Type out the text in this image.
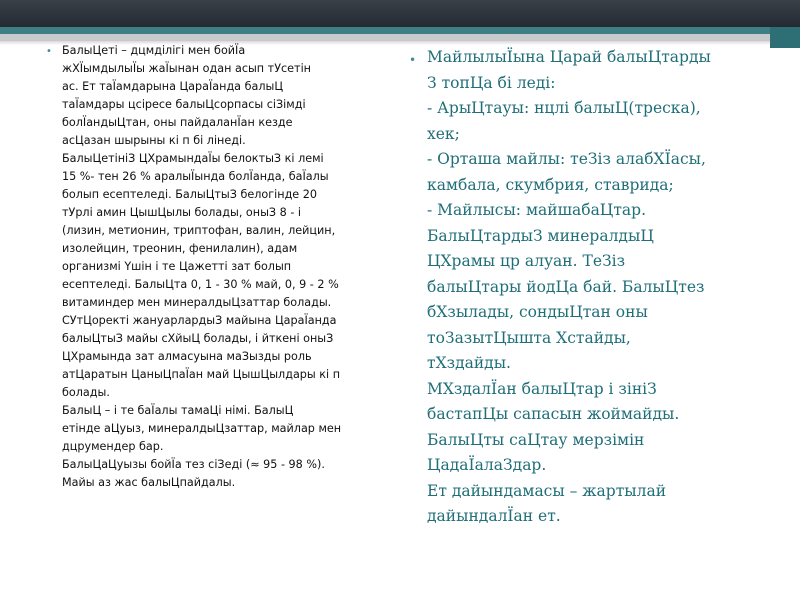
• БалыЦеті – дцмділігі мен бойЇа
жХЇымдылыЇы жаЇынан одан асып тУсетін
ас. Ет таЇамдарына ЦараЇанда балыЦ
таЇамдары цсіресе балыЦсорпасы сіЗімді
болЇандыЦтан, оны пайдаланЇан кезде
асЦазан шырыны кі п бі лінеді.
БалыЦетініЗ ЦХрамындаЇы белоктыЗ кі лемі
15 %- тен 26 % аралыЇында болЇанда, баЇалы
болып есептеледі. БалыЦтыЗ белогінде 20
тУрлі амин ЦышЦылы болады, оныЗ 8 - і
(лизин, метионин, триптофан, валин, лейцин,
изолейцин, треонин, фенилалин), адам
организмі Үшін і те Цажетті зат болып
есептеледі. БалыЦта 0, 1 - 30 % май, 0, 9 - 2 %
витаминдер мен минералдыЦзаттар болады.
СУтЦоректі жануарлардыЗ майына ЦараЇанда
балыЦтыЗ майы сХйыЦ болады, і йткені оныЗ
ЦХрамында зат алмасуына маЗызды роль
атЦаратын ЦаныЦпаЇан май ЦышЦылдары кі п
болады.
БалыЦ – і те баЇалы тамаЦі німі. БалыЦ
етінде аЦуыз, минералдыЦзаттар, майлар мен
дцрумендер бар.
БалыЦаЦуызы бойЇа тез сіЗеді (≈ 95 - 98 %).
Майы аз жас балыЦпайдалы.
• МайлылыЇына Царай балыЦтарды
З топЦа бі леді:
- АрыЦтауы: нцлі балыЦ(треска),
хек;
- Орташа майлы: теЗіз алабХЇасы,
камбала, скумбрия, ставрида;
- Майлысы: майшабаЦтар.
БалыЦтардыЗ минералдыЦ
ЦХрамы цр алуан. ТеЗіз
балыЦтары йодЦа бай. БалыЦтез
бХзылады, сондыЦтан оны
тоЗазытЦышта Хстайды,
тХздайды.
МХздалЇан балыЦтар і зініЗ
бастапЦы сапасын жоймайды.
БалыЦты саЦтау мерзімін
ЦадаЇалаЗдар.
Ет дайындамасы – жартылай
дайындалЇан ет.
